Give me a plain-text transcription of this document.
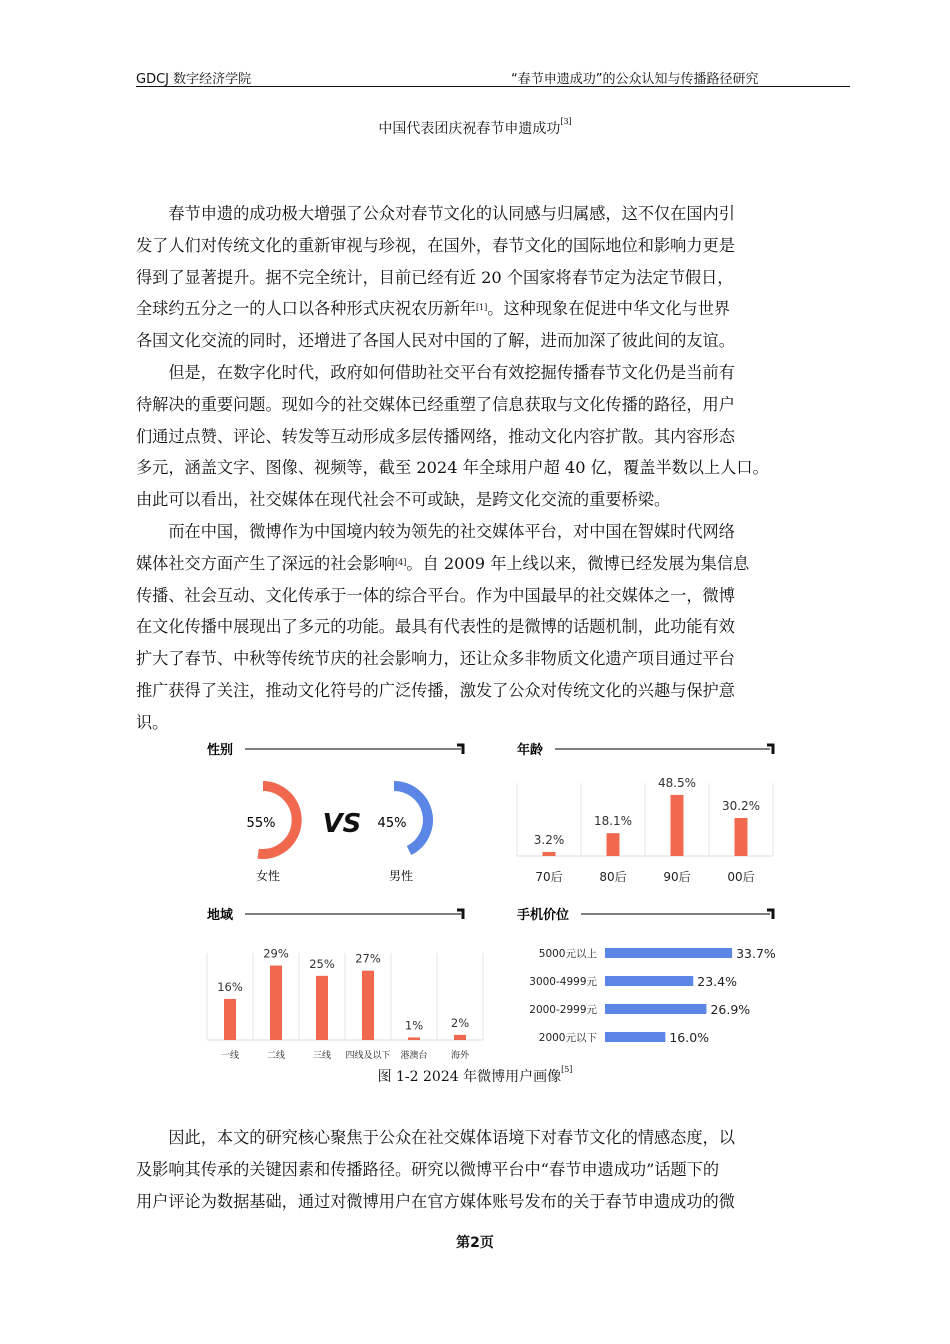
GDCJ 数字经济学院	“春节申遗成功”的公众认知与传播路径研究
中国代表团庆祝春节申遗成功[3]
　　春节申遗的成功极大增强了公众对春节文化的认同感与归属感，这不仅在国内引
发了人们对传统文化的重新审视与珍视，在国外，春节文化的国际地位和影响力更是
得到了显著提升。据不完全统计，目前已经有近 20 个国家将春节定为法定节假日，
全球约五分之一的人口以各种形式庆祝农历新年[1]。这种现象在促进中华文化与世界
各国文化交流的同时，还增进了各国人民对中国的了解，进而加深了彼此间的友谊。
　　但是，在数字化时代，政府如何借助社交平台有效挖掘传播春节文化仍是当前有
待解决的重要问题。现如今的社交媒体已经重塑了信息获取与文化传播的路径，用户
们通过点赞、评论、转发等互动形成多层传播网络，推动文化内容扩散。其内容形态
多元，涵盖文字、图像、视频等，截至 2024 年全球用户超 40 亿，覆盖半数以上人口。
由此可以看出，社交媒体在现代社会不可或缺，是跨文化交流的重要桥梁。
　　而在中国，微博作为中国境内较为领先的社交媒体平台，对中国在智媒时代网络
媒体社交方面产生了深远的社会影响[4]。自 2009 年上线以来，微博已经发展为集信息
传播、社会互动、文化传承于一体的综合平台。作为中国最早的社交媒体之一，微博
在文化传播中展现出了多元的功能。最具有代表性的是微博的话题机制，此功能有效
扩大了春节、中秋等传统节庆的社会影响力，还让众多非物质文化遗产项目通过平台
推广获得了关注，推动文化符号的广泛传播，激发了公众对传统文化的兴趣与保护意
识。
　　因此，本文的研究核心聚焦于公众在社交媒体语境下对春节文化的情感态度，以
及影响其传承的关键因素和传播路径。研究以微博平台中“春节申遗成功”话题下的
用户评论为数据基础，通过对微博用户在官方媒体账号发布的关于春节申遗成功的微
性别
55%
女性
VS 45%
男性
年龄
3.2%
70后
18.1%
80后
48.5%
90后
30.2%
00后
地域
16%
一线
29%
二线
25%
三线
27%
四线及以下
1%
港澳台
2%
海外
手机价位
5000元以上	33.7%
3000-4999元	23.4%
2000-2999元	26.9%
2000元以下	16.0%
图 1-2 2024 年微博用户画像[5]
第2页
